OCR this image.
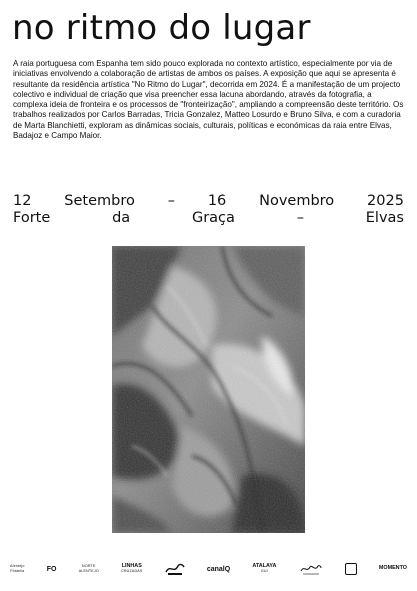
no ritmo do lugar
A raia portuguesa com Espanha tem sido pouco explorada no contexto artístico, especialmente por via de iniciativas envolvendo a colaboração de artistas de ambos os países. A exposição que aqui se apresenta é resultante da residência artística "No Ritmo do Lugar", decorrida em 2024. É a manifestação de um projecto colectivo e individual de criação que visa preencher essa lacuna abordando, através da fotografia, a complexa ideia de fronteira e os processos de "fronteirização", ampliando a compreensão deste território. Os trabalhos realizados por Carlos Barradas, Tricia Gonzalez, Matteo Losurdo e Bruno Silva, e com a curadoria de Marta Blanchietti, exploram as dinâmicas sociais, culturais, políticas e económicas da raia entre Elvas, Badajoz e Campo Maior.
12 Setembro – 16 Novembro 2025
Forte	da	Graça	–	Elvas
Alentejo
Filatelia	FO	NORTE
ALENTEJO
LINHAS
CRUZADAS	canalQ	ATALAYA
GUI	MOMENTO
